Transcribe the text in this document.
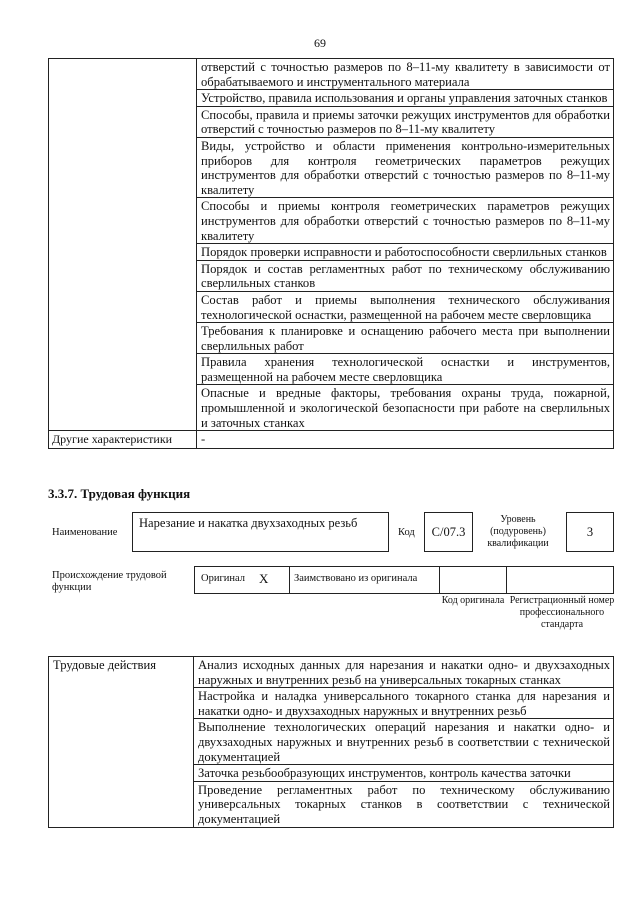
69
	отверстий с точностью размеров по 8–11-му квалитету в зависимости от обрабатываемого и инструментального материала
	Устройство, правила использования и органы управления заточных станков
	Способы, правила и приемы заточки режущих инструментов для обработки отверстий с точностью размеров по 8–11-му квалитету
	Виды, устройство и области применения контрольно-измерительных приборов для контроля геометрических параметров режущих инструментов для обработки отверстий с точностью размеров по 8–11-му квалитету
	Способы и приемы контроля геометрических параметров режущих инструментов для обработки отверстий с точностью размеров по 8–11-му квалитету
	Порядок проверки исправности и работоспособности сверлильных станков
	Порядок и состав регламентных работ по техническому обслуживанию сверлильных станков
	Состав работ и приемы выполнения технического обслуживания технологической оснастки, размещенной на рабочем месте сверловщика
	Требования к планировке и оснащению рабочего места при выполнении сверлильных работ
	Правила хранения технологической оснастки и инструментов, размещенной на рабочем месте сверловщика
	Опасные и вредные факторы, требования охраны труда, пожарной, промышленной и экологической безопасности при работе на сверлильных и заточных станках
Другие характеристики	-
3.3.7. Трудовая функция
Наименование
Нарезание и накатка двухзаходных резьб
Код	С/07.3
Уровень (подуровень) квалификации
3
Происхождение трудовой функции
Оригинал X	Заимствовано из оригинала
Код оригинала Регистрационный номер профессионального стандарта
Трудовые действия	Анализ исходных данных для нарезания и накатки одно- и двухзаходных наружных и внутренних резьб на универсальных токарных станках
Настройка и наладка универсального токарного станка для нарезания и накатки одно- и двухзаходных наружных и внутренних резьб
Выполнение технологических операций нарезания и накатки одно- и двухзаходных наружных и внутренних резьб в соответствии с технической документацией
Заточка резьбообразующих инструментов, контроль качества заточки
Проведение регламентных работ по техническому обслуживанию универсальных токарных станков в соответствии с технической документацией
